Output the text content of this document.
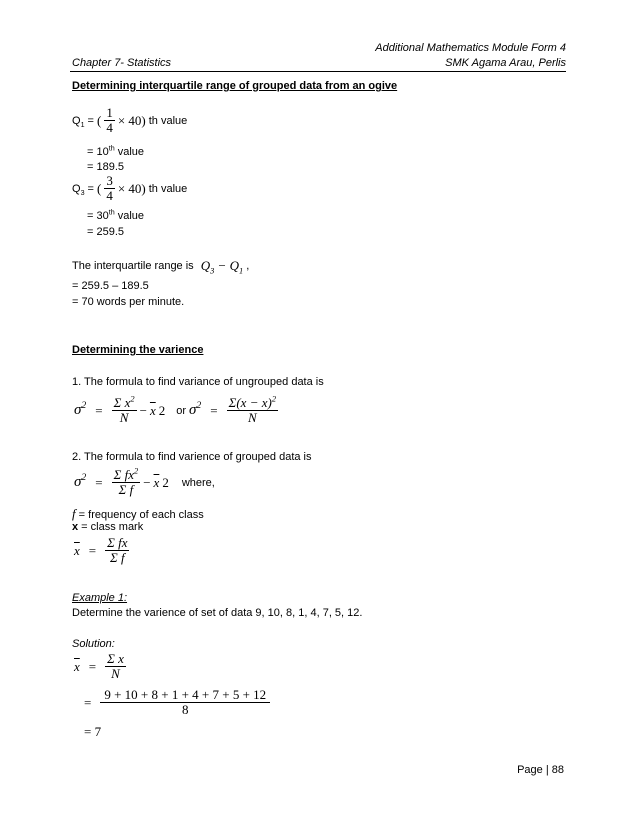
Additional Mathematics Module Form 4
Chapter 7- Statistics	SMK Agama Arau, Perlis
Determining interquartile range of grouped data from an ogive
$Q_1$ = ( $\frac{1}{4} \times 40$) th value
= 10th value
= 189.5
$Q_3$ = ( $\frac{3}{4} \times 40$) th value
= 30th value
= 259.5
The interquartile range is $Q_3 - Q_1$ ,
= 259.5 – 189.5
= 70 words per minute.
Determining the varience
1. The formula to find variance of ungrouped data is
$\sigma^2 = \frac{\Sigma x^2}{N} - \overline{x}$ 2 or $\sigma^2 = \frac{\Sigma(x - x)^2}{N}$
2. The formula to find varience of grouped data is
$\sigma^2 = \frac{\Sigma fx^2}{\text{Σ f}} - \overline{x}$ 2 where,
f = frequency of each class
x = class mark
$\overline{x} = \frac{\text{Σ fx}}{\text{Σ f}}$
Example 1:
Determine the varience of set of data 9, 10, 8, 1, 4, 7, 5, 12.
Solution:
$\overline{x} = \frac{\text{Σ x}}{N}$
= $\frac{9 + 10 + 8 + 1 + 4 + 7 + 5 + 12}{8}$
= 7
Page | 88
